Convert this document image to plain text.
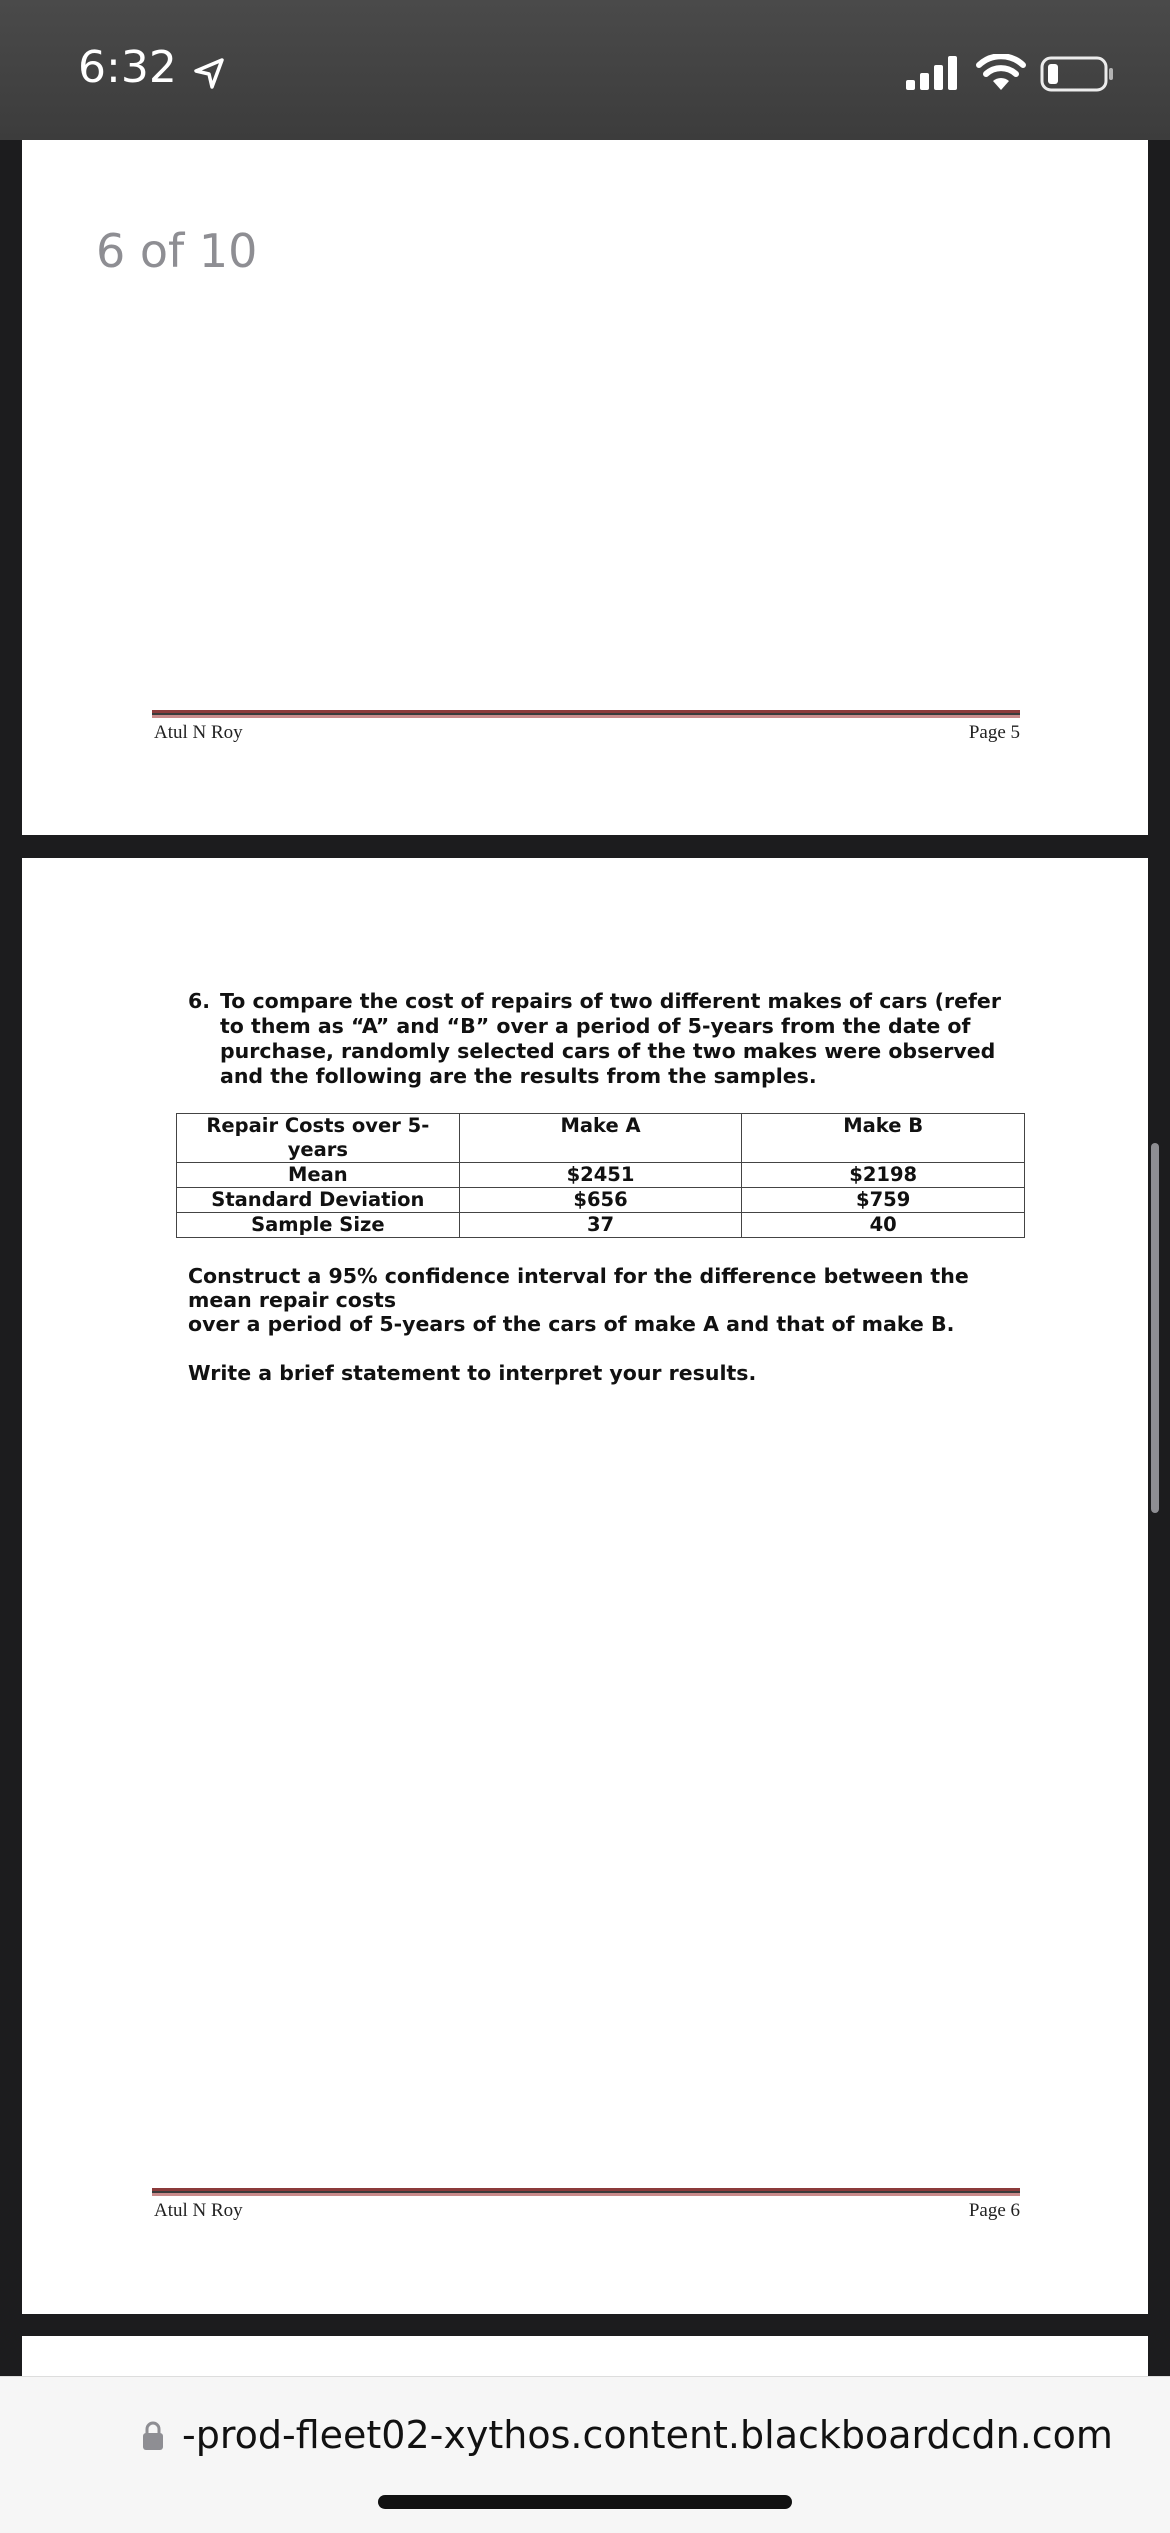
6:32
6 of 10
Atul N Roy	Page 5
6. To compare the cost of repairs of two different makes of cars (refer
to them as “A” and “B” over a period of 5-years from the date of
purchase, randomly selected cars of the two makes were observed
and the following are the results from the samples.
Repair Costs over 5-years	Make A	Make B
Mean	$2451	$2198
Standard Deviation	$656	$759
Sample Size	37	40

Construct a 95% confidence interval for the difference between the

mean repair costs

over a period of 5-years of the cars of make A and that of make B.

Write a brief statement to interpret your results.

Atul N Roy	Page 6
-prod-fleet02-xythos.content.blackboardcdn.com
